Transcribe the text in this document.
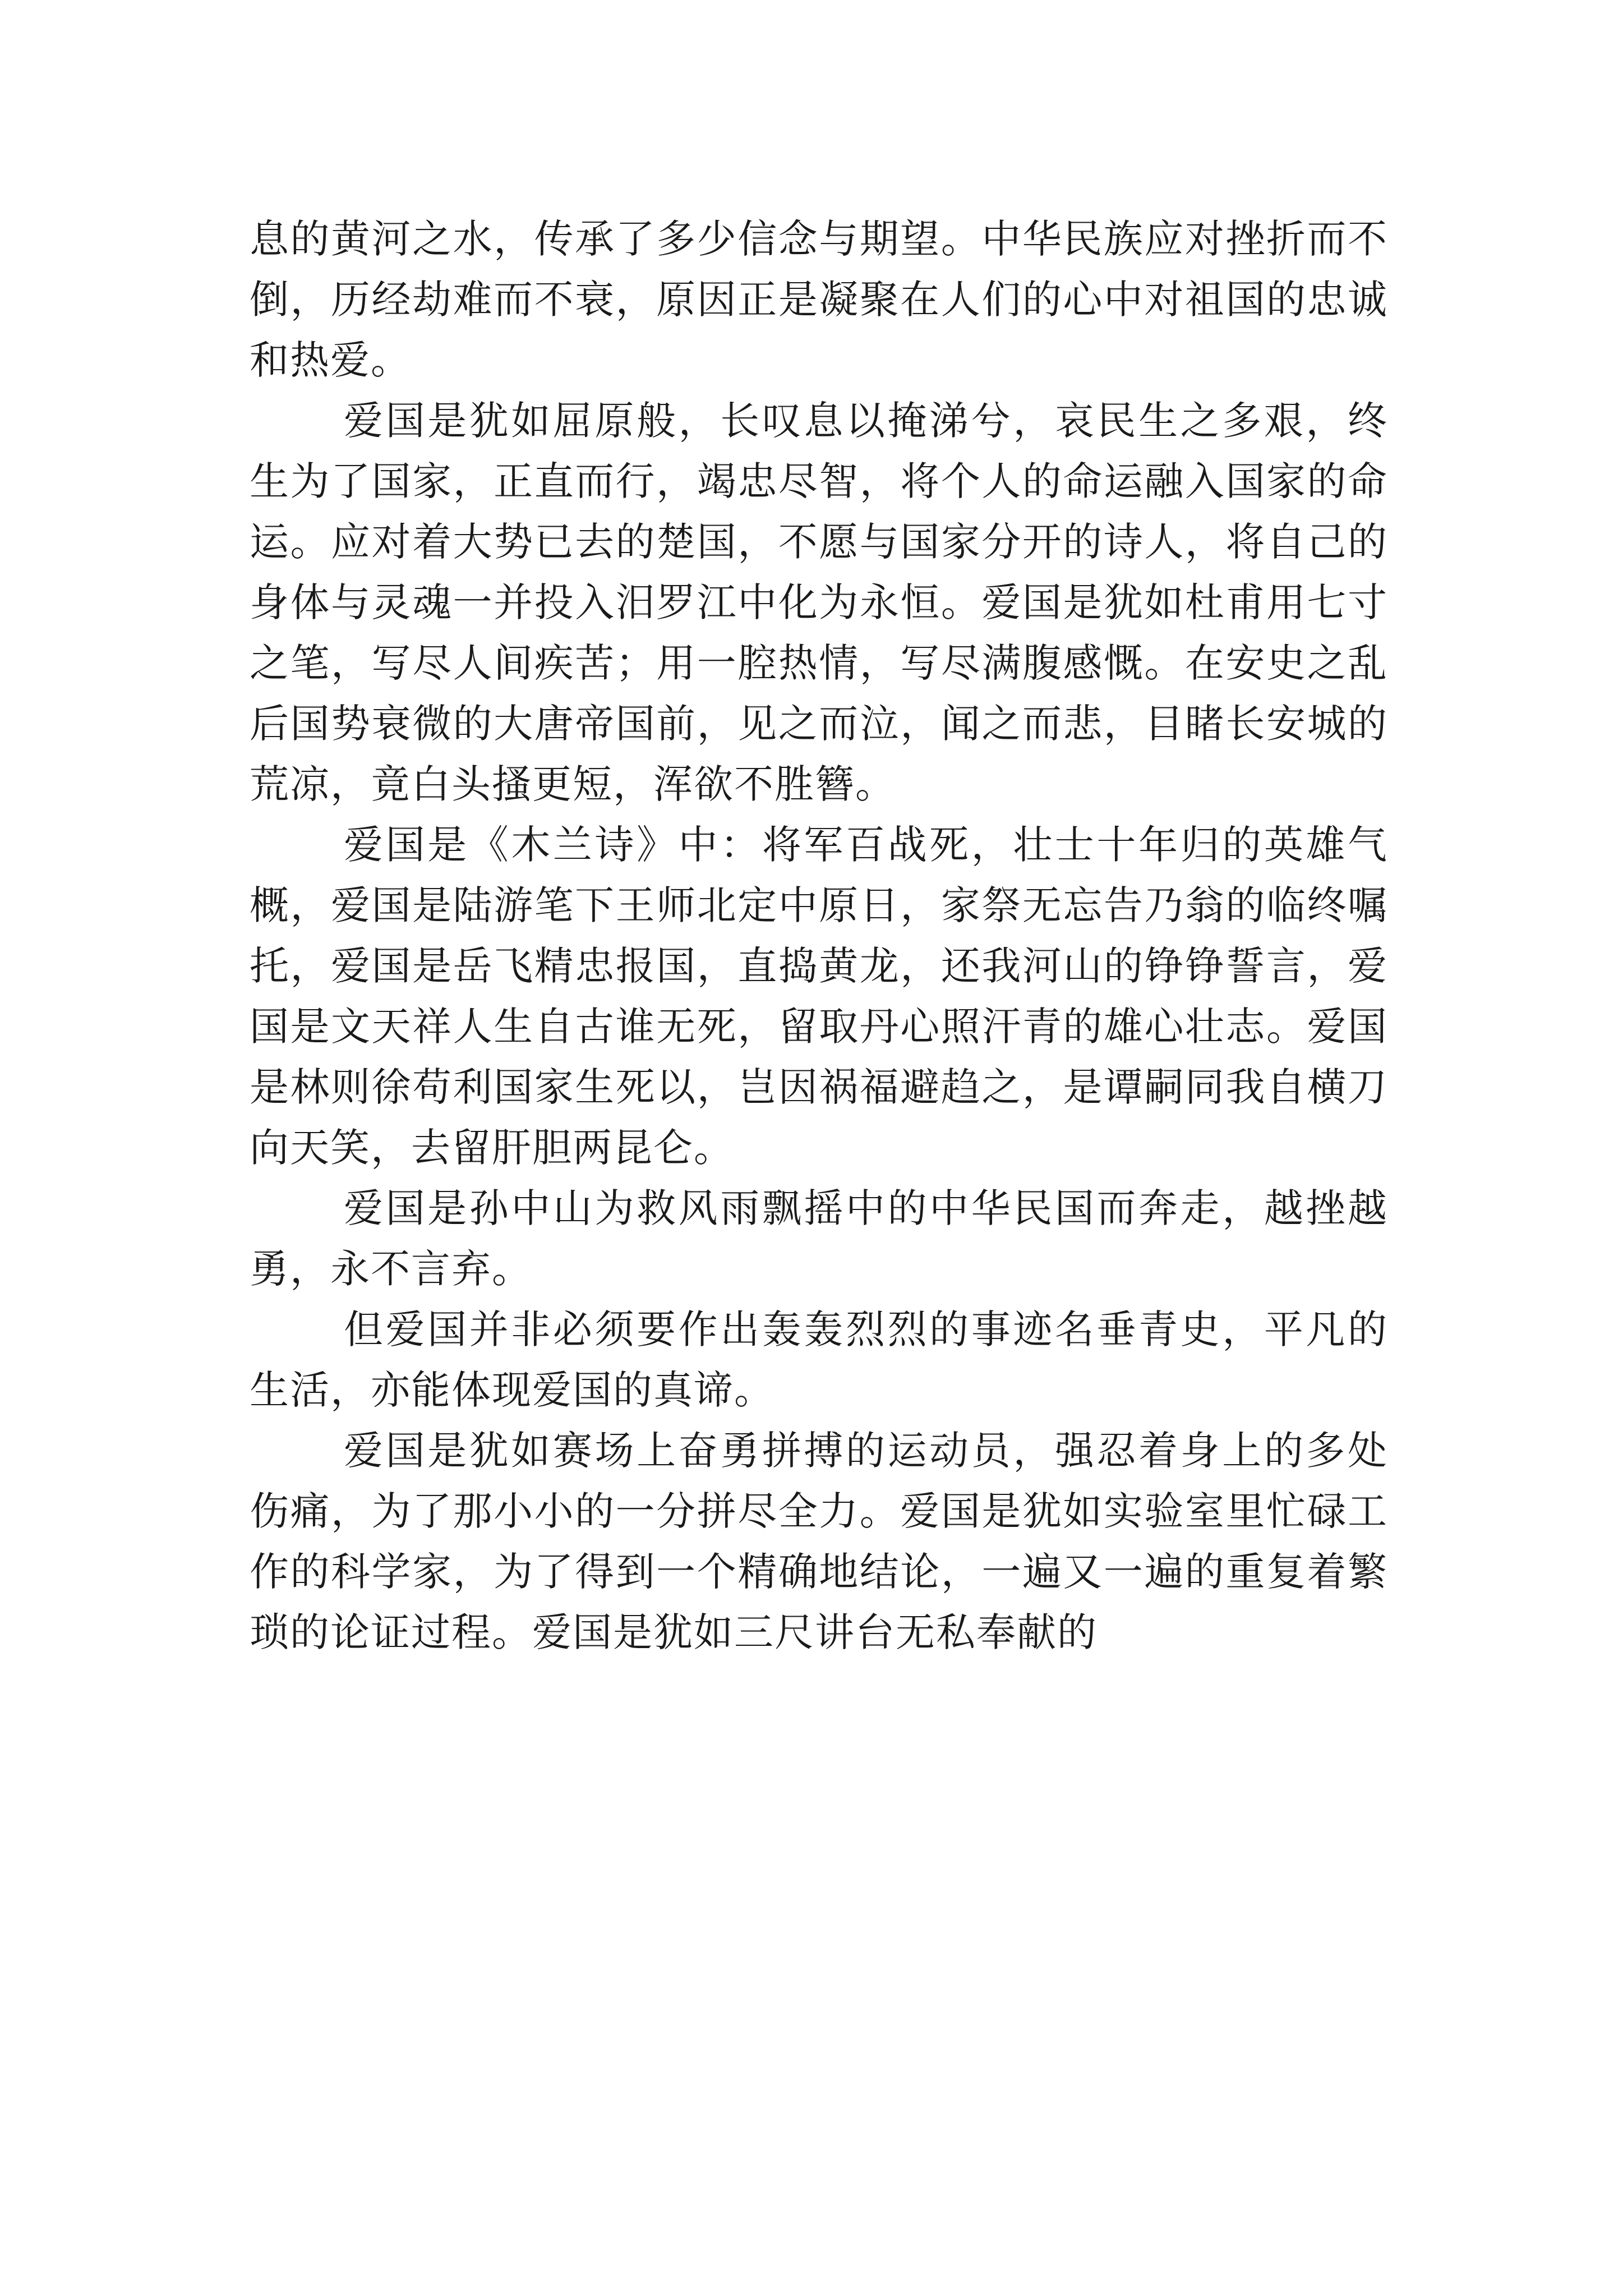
息的黄河之水，传承了多少信念与期望。中华民族应对挫折而不倒，历经劫难而不衰，原因正是凝聚在人们的心中对祖国的忠诚和热爱。

爱国是犹如屈原般，长叹息以掩涕兮，哀民生之多艰，终生为了国家，正直而行，竭忠尽智，将个人的命运融入国家的命运。应对着大势已去的楚国，不愿与国家分开的诗人，将自己的身体与灵魂一并投入汨罗江中化为永恒。爱国是犹如杜甫用七寸之笔，写尽人间疾苦；用一腔热情，写尽满腹感慨。在安史之乱后国势衰微的大唐帝国前，见之而泣，闻之而悲，目睹长安城的荒凉，竟白头搔更短，浑欲不胜簪。

爱国是《木兰诗》中：将军百战死，壮士十年归的英雄气概，爱国是陆游笔下王师北定中原日，家祭无忘告乃翁的临终嘱托，爱国是岳飞精忠报国，直捣黄龙，还我河山的铮铮誓言，爱国是文天祥人生自古谁无死，留取丹心照汗青的雄心壮志。爱国是林则徐苟利国家生死以，岂因祸福避趋之，是谭嗣同我自横刀向天笑，去留肝胆两昆仑。

爱国是孙中山为救风雨飘摇中的中华民国而奔走，越挫越勇，永不言弃。

但爱国并非必须要作出轰轰烈烈的事迹名垂青史，平凡的生活，亦能体现爱国的真谛。

爱国是犹如赛场上奋勇拼搏的运动员，强忍着身上的多处伤痛，为了那小小的一分拼尽全力。爱国是犹如实验室里忙碌工作的科学家，为了得到一个精确地结论，一遍又一遍的重复着繁琐的论证过程。爱国是犹如三尺讲台无私奉献的
